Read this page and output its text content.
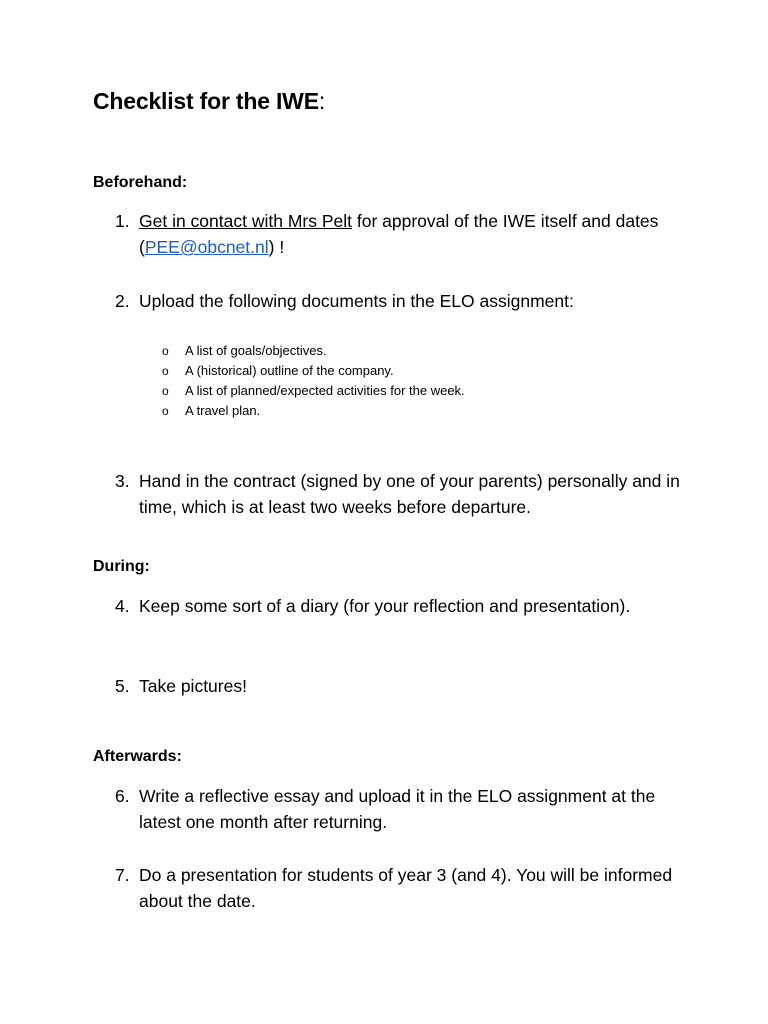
Checklist for the IWE:
Beforehand:
1. Get in contact with Mrs Pelt for approval of the IWE itself and dates (PEE@obcnet.nl) !
2. Upload the following documents in the ELO assignment:
o A list of goals/objectives.
o A (historical) outline of the company.
o A list of planned/expected activities for the week.
o A travel plan.
3. Hand in the contract (signed by one of your parents) personally and in time, which is at least two weeks before departure.
During:
4. Keep some sort of a diary (for your reflection and presentation).
5. Take pictures!
Afterwards:
6. Write a reflective essay and upload it in the ELO assignment at the latest one month after returning.
7. Do a presentation for students of year 3 (and 4). You will be informed about the date.
